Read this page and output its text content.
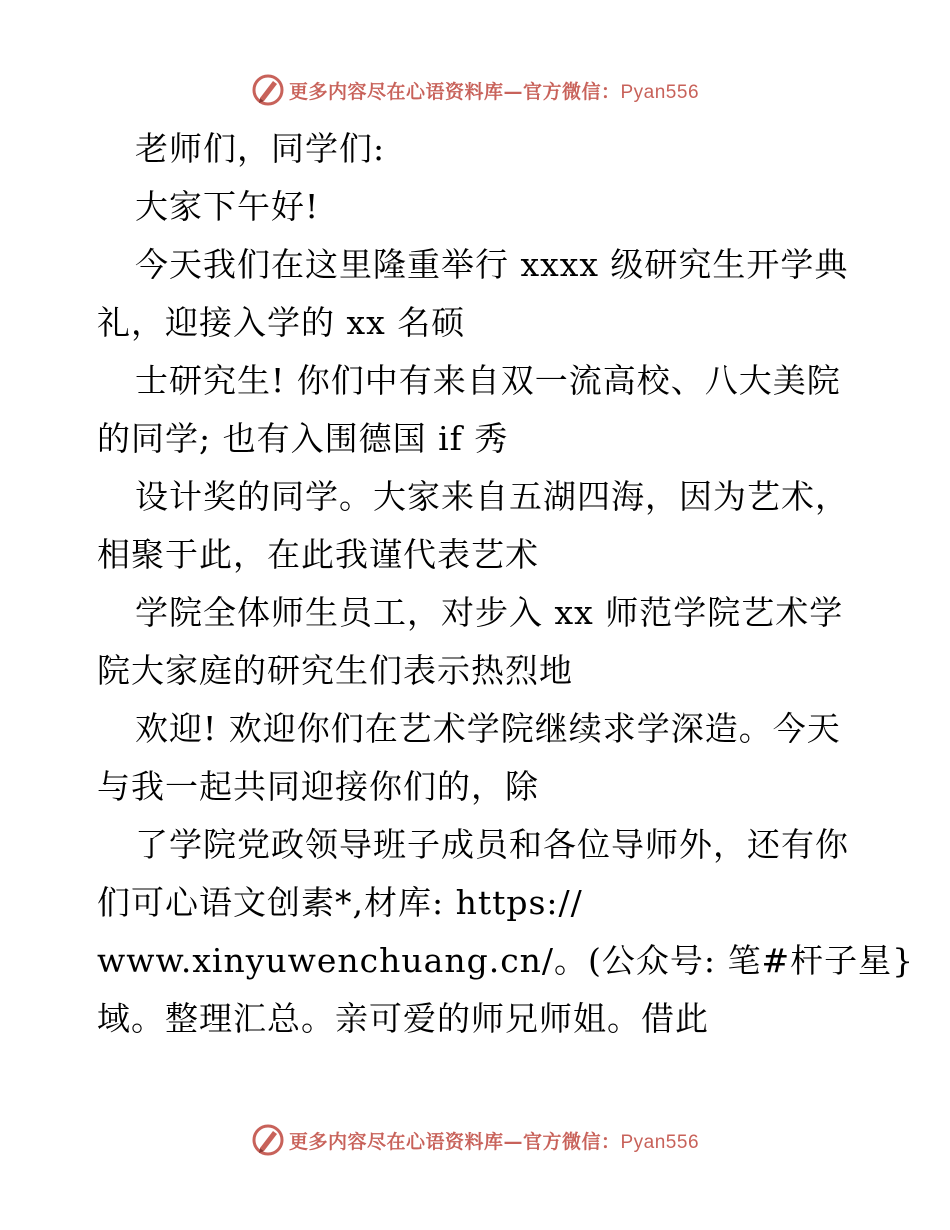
更多内容尽在心语资料库—官方微信：Pyan556
老师们，同学们:
大家下午好!
今天我们在这里隆重举行 xxxx 级研究生开学典
礼，迎接入学的 xx 名硕
士研究生! 你们中有来自双一流高校、八大美院
的同学; 也有入围德国 if 秀
设计奖的同学。大家来自五湖四海，因为艺术，
相聚于此，在此我谨代表艺术
学院全体师生员工，对步入 xx 师范学院艺术学
院大家庭的研究生们表示热烈地
欢迎! 欢迎你们在艺术学院继续求学深造。今天
与我一起共同迎接你们的，除
了学院党政领导班子成员和各位导师外，还有你
们可心语文创素*,材库: https://
www.xinyuwenchuang.cn/。(公众号: 笔#杆子星}
域。整理汇总。亲可爱的师兄师姐。借此
更多内容尽在心语资料库—官方微信：Pyan556
